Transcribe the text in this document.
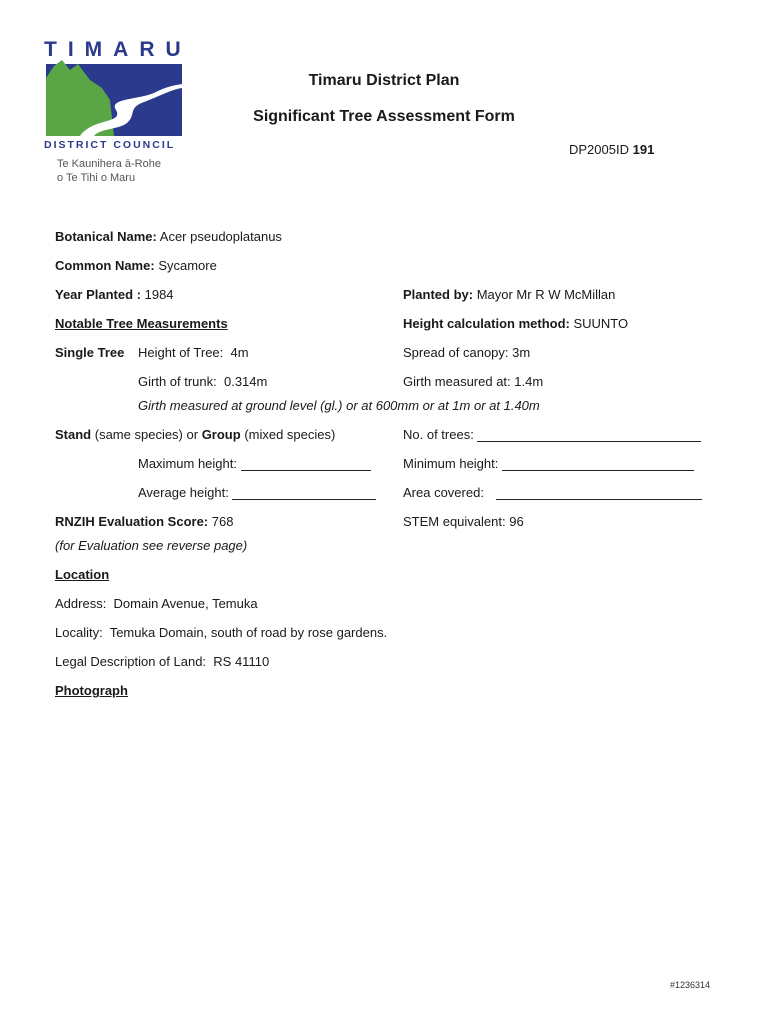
TIMARU
DISTRICT COUNCIL
Te Kaunihera ā-Rohe
o Te Tihi o Maru
Timaru District Plan
Significant Tree Assessment Form
DP2005ID 191
Botanical Name: Acer pseudoplatanus
Common Name: Sycamore
Year Planted : 1984	Planted by: Mayor Mr R W McMillan
Notable Tree Measurements	Height calculation method: SUUNTO
Single Tree Height of Tree: 4m	Spread of canopy: 3m
Girth of trunk: 0.314m	Girth measured at: 1.4m
Girth measured at ground level (gl.) or at 600mm or at 1m or at 1.40m
Stand (same species) or Group (mixed species)	No. of trees:
Maximum height:	Minimum height:
Average height:	Area covered:
RNZIH Evaluation Score: 768	STEM equivalent: 96
(for Evaluation see reverse page)
Location
Address: Domain Avenue, Temuka
Locality: Temuka Domain, south of road by rose gardens.
Legal Description of Land: RS 41110
Photograph
#1236314
